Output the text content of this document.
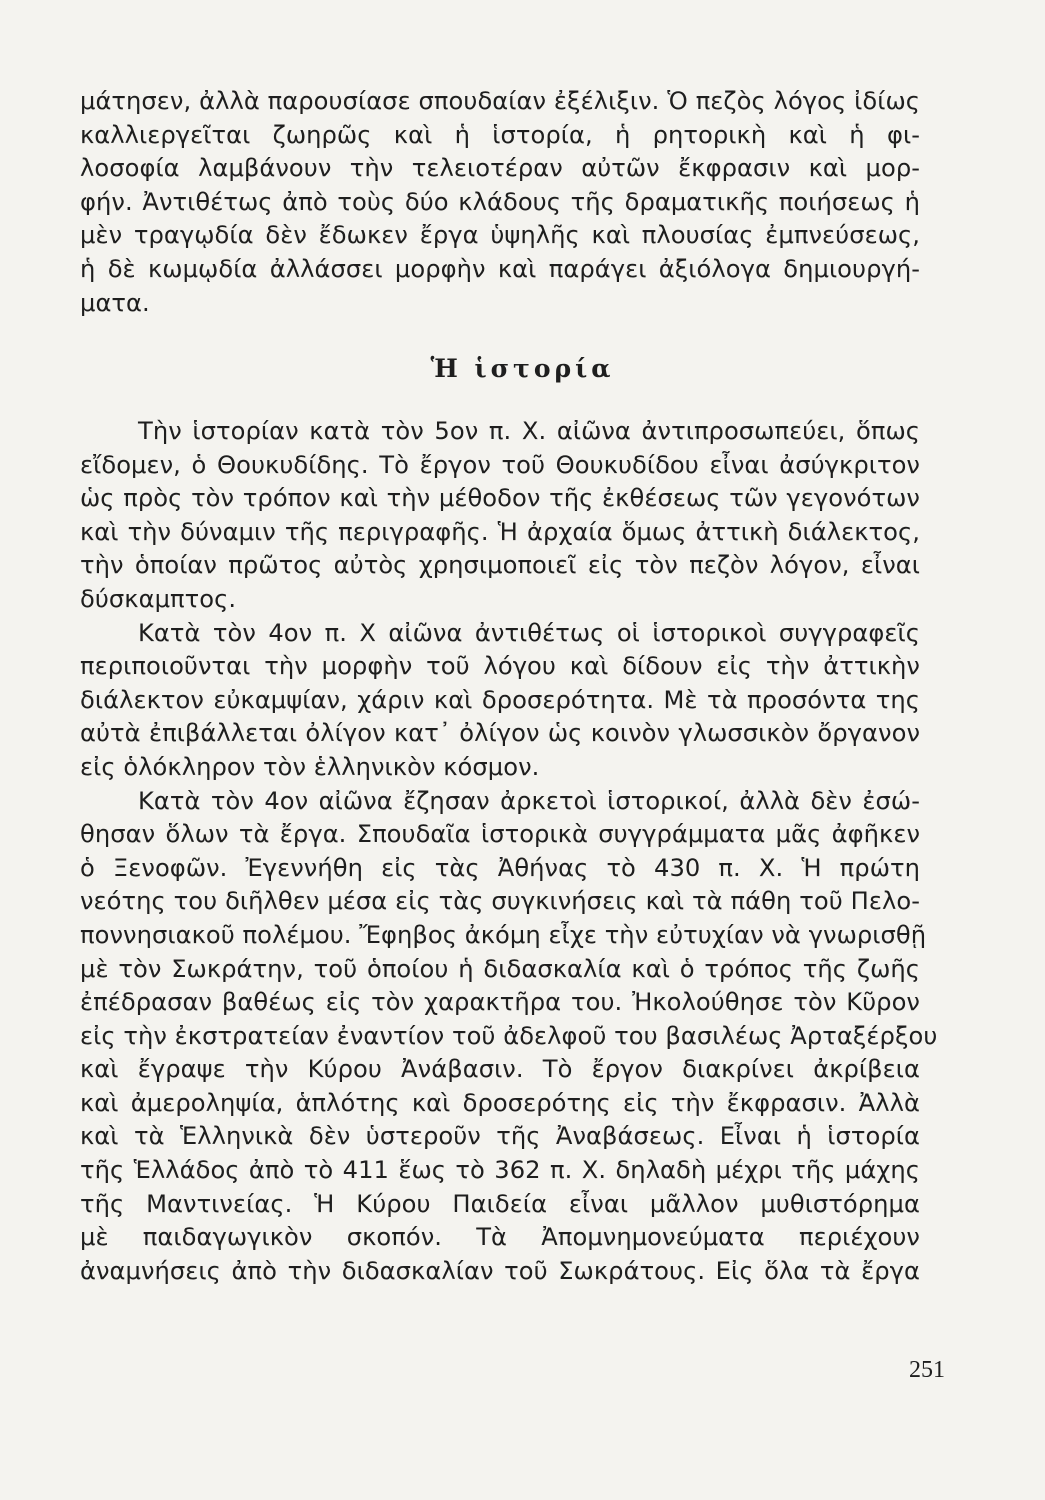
μάτησεν, ἀλλὰ παρουσίασε σπουδαίαν ἐξέλιξιν. Ὁ πεζὸς λόγος ἰδίως
καλλιεργεῖται ζωηρῶς καὶ ἡ ἱστορία, ἡ ρητορικὴ καὶ ἡ φι-
λοσοφία λαμβάνουν τὴν τελειοτέραν αὐτῶν ἔκφρασιν καὶ μορ-
φήν. Ἀντιθέτως ἀπὸ τοὺς δύο κλάδους τῆς δραματικῆς ποιήσεως ἡ
μὲν τραγῳδία δὲν ἔδωκεν ἔργα ὑψηλῆς καὶ πλουσίας ἐμπνεύσεως,
ἡ δὲ κωμῳδία ἀλλάσσει μορφὴν καὶ παράγει ἀξιόλογα δημιουργή-
ματα.
Ἡ ἱστορία
Τὴν ἱστορίαν κατὰ τὸν 5ον π. Χ. αἰῶνα ἀντιπροσωπεύει, ὅπως
εἴδομεν, ὁ Θουκυδίδης. Τὸ ἔργον τοῦ Θουκυδίδου εἶναι ἀσύγκριτον
ὡς πρὸς τὸν τρόπον καὶ τὴν μέθοδον τῆς ἐκθέσεως τῶν γεγονότων
καὶ τὴν δύναμιν τῆς περιγραφῆς. Ἡ ἀρχαία ὅμως ἀττικὴ διάλεκτος,
τὴν ὁποίαν πρῶτος αὐτὸς χρησιμοποιεῖ εἰς τὸν πεζὸν λόγον, εἶναι
δύσκαμπτος.
Κατὰ τὸν 4ον π. Χ αἰῶνα ἀντιθέτως οἱ ἱστορικοὶ συγγραφεῖς
περιποιοῦνται τὴν μορφὴν τοῦ λόγου καὶ δίδουν εἰς τὴν ἀττικὴν
διάλεκτον εὐκαμψίαν, χάριν καὶ δροσερότητα. Μὲ τὰ προσόντα της
αὐτὰ ἐπιβάλλεται ὀλίγον κατ᾽ ὀλίγον ὡς κοινὸν γλωσσικὸν ὄργανον
εἰς ὁλόκληρον τὸν ἑλληνικὸν κόσμον.
Κατὰ τὸν 4ον αἰῶνα ἔζησαν ἀρκετοὶ ἱστορικοί, ἀλλὰ δὲν ἐσώ-
θησαν ὅλων τὰ ἔργα. Σπουδαῖα ἱστορικὰ συγγράμματα μᾶς ἀφῆκεν
ὁ Ξενοφῶν. Ἐγεννήθη εἰς τὰς Ἀθήνας τὸ 430 π. Χ. Ἡ πρώτη
νεότης του διῆλθεν μέσα εἰς τὰς συγκινήσεις καὶ τὰ πάθη τοῦ Πελο-
ποννησιακοῦ πολέμου. Ἔφηβος ἀκόμη εἶχε τὴν εὐτυχίαν νὰ γνωρισθῇ
μὲ τὸν Σωκράτην, τοῦ ὁποίου ἡ διδασκαλία καὶ ὁ τρόπος τῆς ζωῆς
ἐπέδρασαν βαθέως εἰς τὸν χαρακτῆρα του. Ἠκολούθησε τὸν Κῦρον
εἰς τὴν ἐκστρατείαν ἐναντίον τοῦ ἀδελφοῦ του βασιλέως Ἀρταξέρξου
καὶ ἔγραψε τὴν Κύρου Ἀνάβασιν. Τὸ ἔργον διακρίνει ἀκρίβεια
καὶ ἀμεροληψία, ἁπλότης καὶ δροσερότης εἰς τὴν ἔκφρασιν. Ἀλλὰ
καὶ τὰ Ἑλληνικὰ δὲν ὑστεροῦν τῆς Ἀναβάσεως. Εἶναι ἡ ἱστορία
τῆς Ἑλλάδος ἀπὸ τὸ 411 ἕως τὸ 362 π. Χ. δηλαδὴ μέχρι τῆς μάχης
τῆς Μαντινείας. Ἡ Κύρου Παιδεία εἶναι μᾶλλον μυθιστόρημα
μὲ παιδαγωγικὸν σκοπόν. Τὰ Ἀπομνημονεύματα περιέχουν
ἀναμνήσεις ἀπὸ τὴν διδασκαλίαν τοῦ Σωκράτους. Εἰς ὅλα τὰ ἔργα
251
